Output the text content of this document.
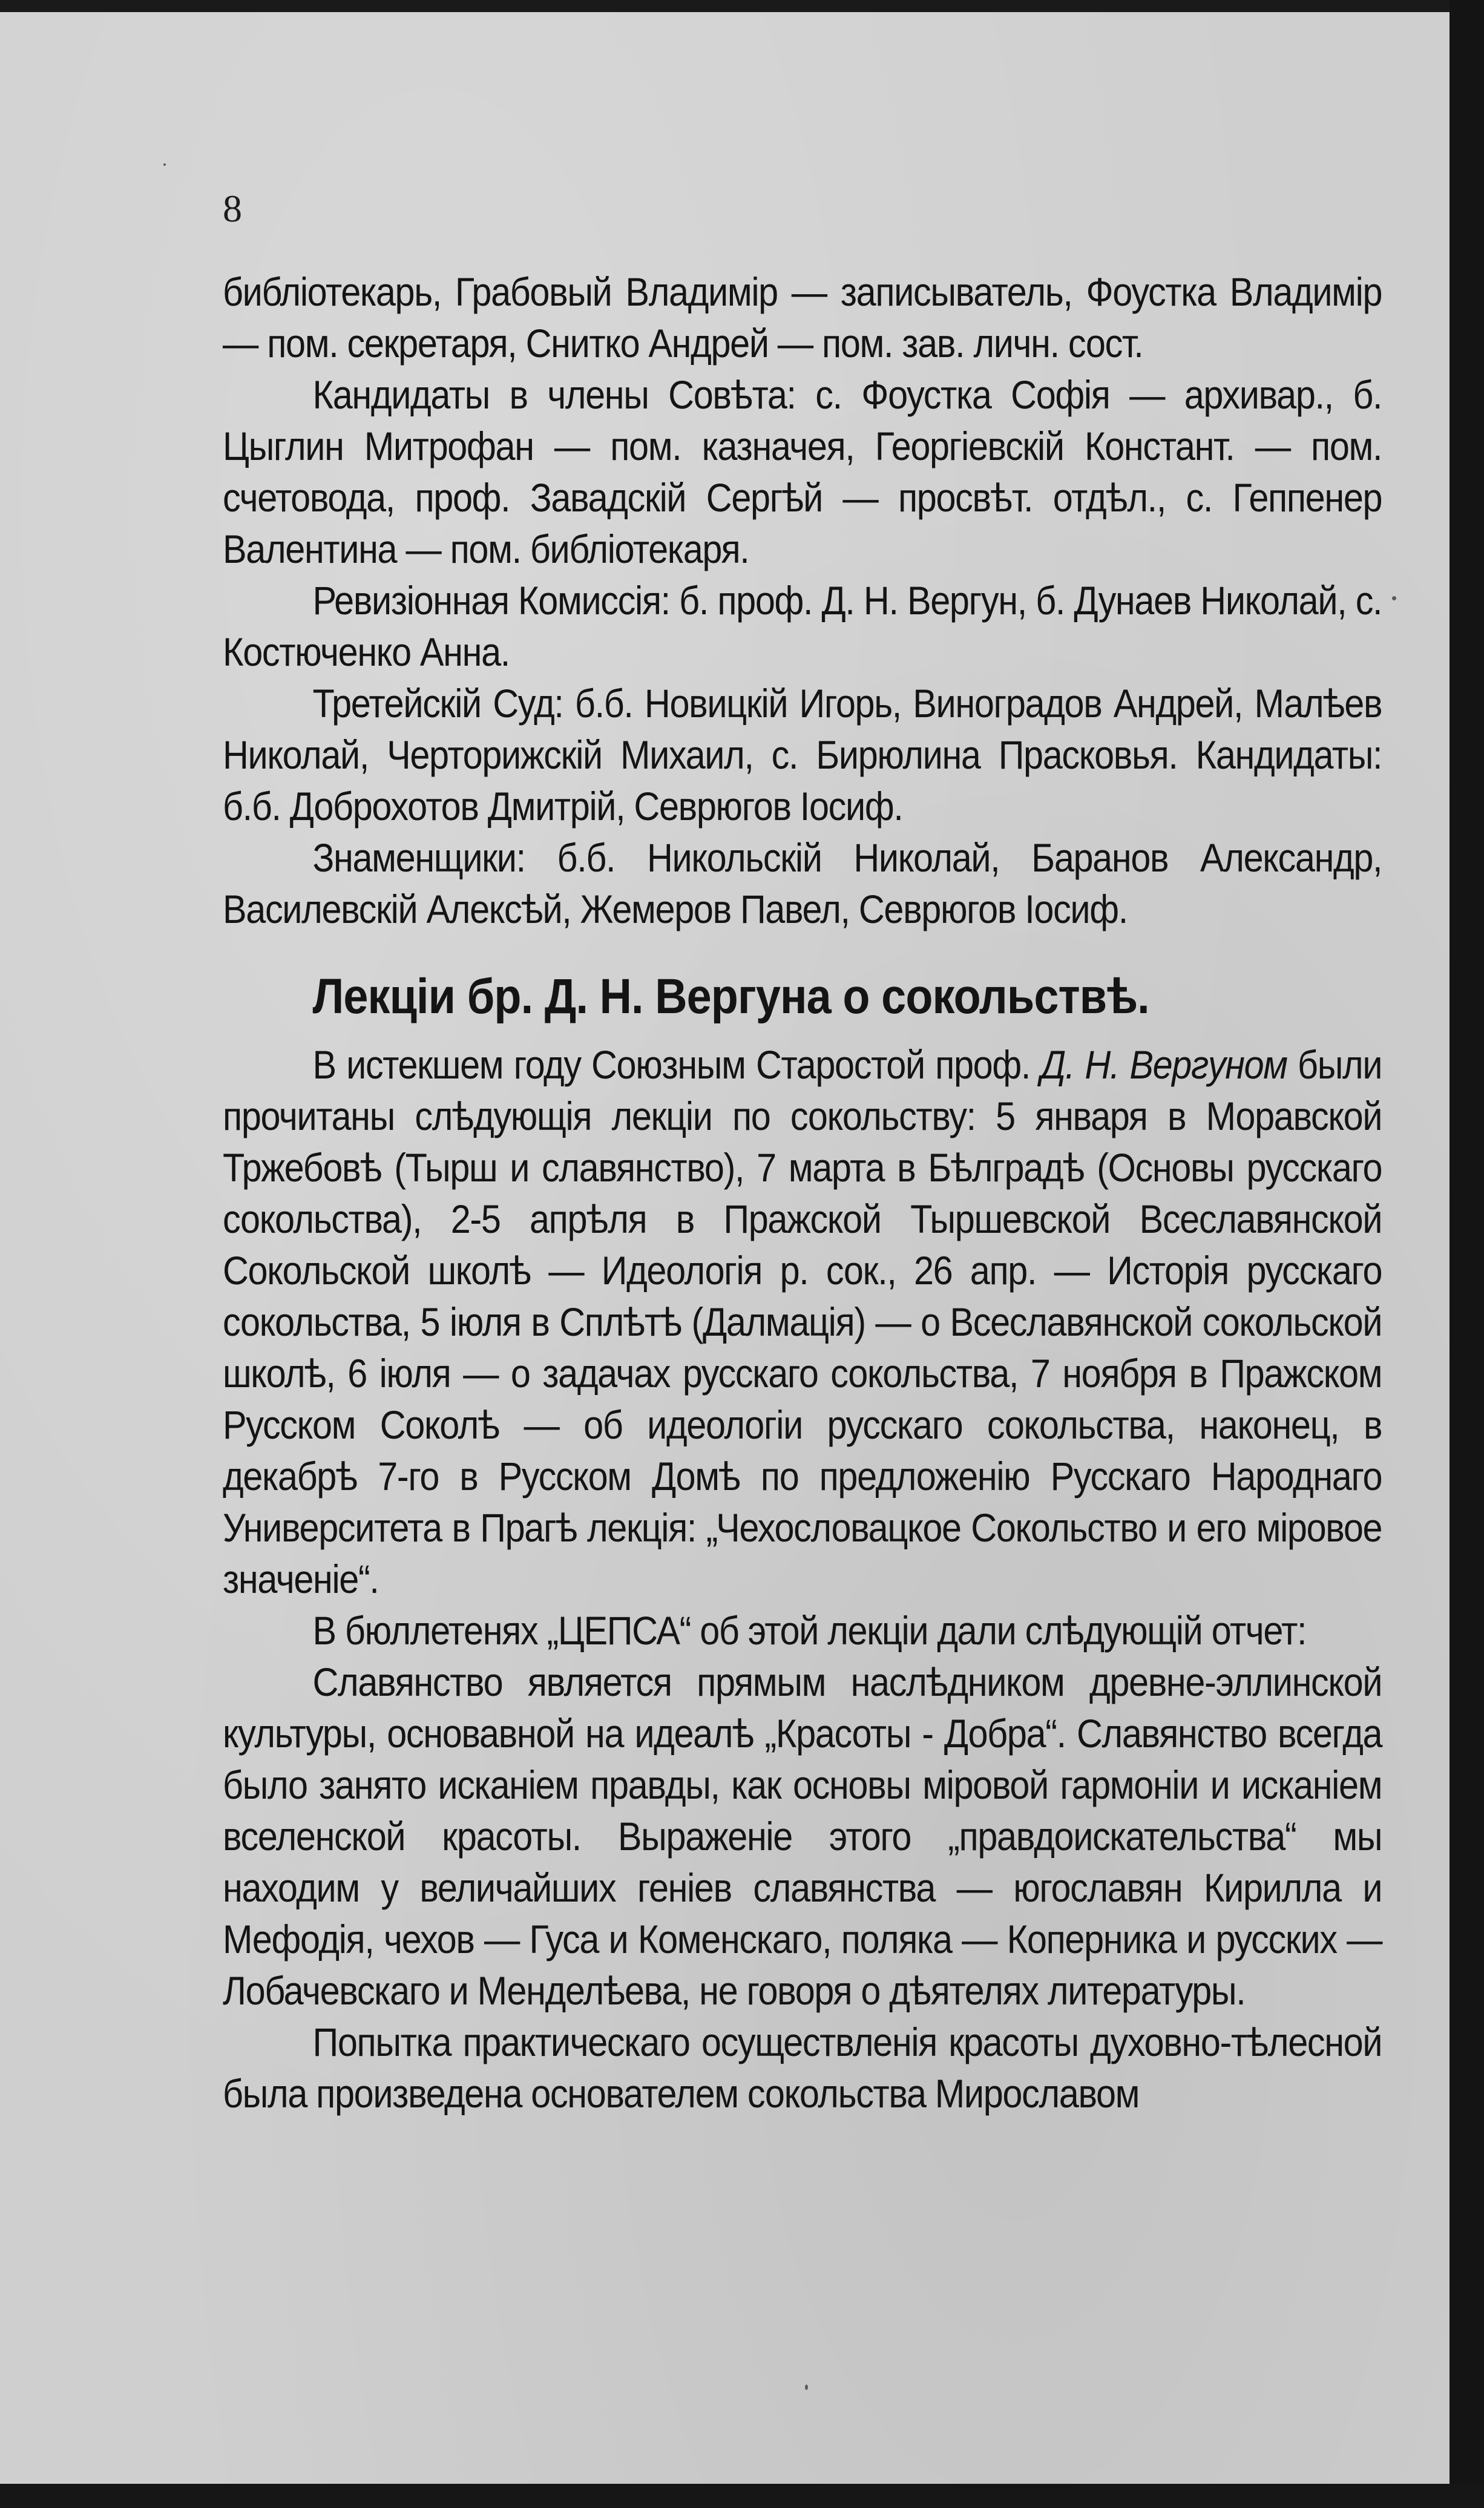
8

библіотекарь, Грабовый Владимір — записыватель, Фоустка Владимір — пом. секретаря, Снитко Андрей — пом. зав. личн. сост.

Кандидаты в члены Совѣта: с. Фоустка Софія — архивар., б. Цыглин Митрофан — пом. казначея, Георгіевскій Констант. — пом. счетовода, проф. Завадскій Сергѣй — просвѣт. отдѣл., с. Геппенер Валентина — пом. библіотекаря.

Ревизіонная Комиссія: б. проф. Д. Н. Вергун, б. Дунаев Николай, с. Костюченко Анна.

Третейскій Суд: б.б. Новицкій Игорь, Виноградов Андрей, Малѣев Николай, Черторижскій Михаил, с. Бирюлина Прасковья. Кандидаты: б.б. Доброхотов Дмитрій, Севрюгов Іосиф.

Знаменщики: б.б. Никольскій Николай, Баранов Александр, Василевскій Алексѣй, Жемеров Павел, Севрюгов Іосиф.

Лекціи бр. Д. Н. Вергуна о сокольствѣ.

В истекшем году Союзным Старостой проф. Д. Н. Вергуном были прочитаны слѣдующія лекціи по сокольству: 5 января в Моравской Тржебовѣ (Тырш и славянство), 7 марта в Бѣлградѣ (Основы русскаго сокольства), 2-5 апрѣля в Пражской Тыршевской Всеславянской Сокольской школѣ — Идеологія р. сок., 26 апр. — Исторія русскаго сокольства, 5 іюля в Сплѣтѣ (Далмація) — о Всеславянской сокольской школѣ, 6 іюля — о задачах русскаго сокольства, 7 ноября в Пражском Русском Соколѣ — об идеологіи русскаго сокольства, наконец, в декабрѣ 7-го в Русском Домѣ по предложенію Русскаго Народнаго Университета в Прагѣ лекція: „Чехословацкое Сокольство и его міровое значеніе“.

В бюллетенях „ЦЕПСА“ об этой лекціи дали слѣдующій отчет:

Славянство является прямым наслѣдником древне-эллинской культуры, основавной на идеалѣ „Красоты - Добра“. Славянство всегда было занято исканіем правды, как основы міровой гармоніи и исканіем вселенской красоты. Выраженіе этого „правдоискательства“ мы находим у величайших геніев славянства — югославян Кирилла и Мефодія, чехов — Гуса и Коменскаго, поляка — Коперника и русских — Лобачевскаго и Менделѣева, не говоря о дѣятелях литературы.

Попытка практическаго осуществленія красоты духовно-тѣлесной была произведена основателем сокольства Мирославом
